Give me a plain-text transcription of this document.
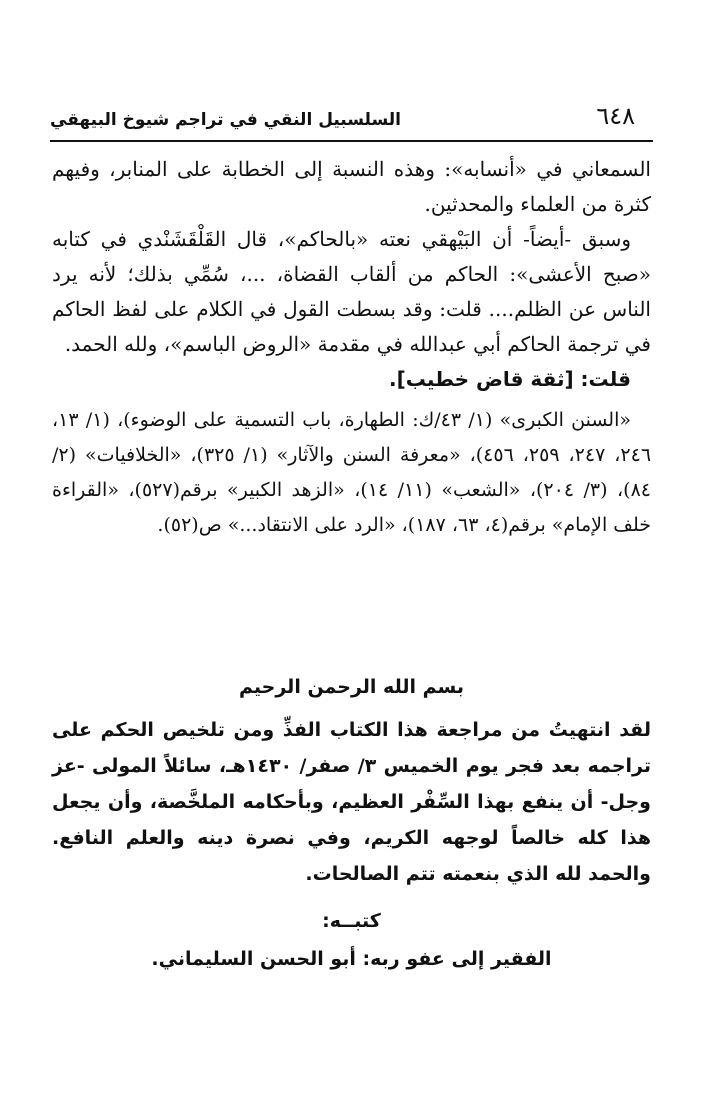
٦٤٨
السلسبيل النقي في تراجم شيوخ البيهقي

السمعاني في «أنسابه»: وهذه النسبة إلى الخطابة على المنابر، وفيهم كثرة من العلماء والمحدثين.

وسبق -أيضاً- أن البَيْهقي نعته «بالحاكم»، قال القَلْقَشَنْدي في كتابه «صبح الأعشى»: الحاكم من ألقاب القضاة، ...، سُمِّي بذلك؛ لأنه يرد الناس عن الظلم.... قلت: وقد بسطت القول في الكلام على لفظ الحاكم في ترجمة الحاكم أبي عبدالله في مقدمة «الروض الباسم»، ولله الحمد.

قلت: [ثقة قاض خطيب].

«السنن الكبرى» (١/ ٤٣/ك: الطهارة، باب التسمية على الوضوء)، (١/ ١٣، ٢٤٦، ٢٤٧، ٢٥٩، ٤٥٦)، «معرفة السنن والآثار» (١/ ٣٢٥)، «الخلافيات» (٢/ ٨٤)، (٣/ ٢٠٤)، «الشعب» (١١/ ١٤)، «الزهد الكبير» برقم(٥٢٧)، «القراءة خلف الإمام» برقم(٤، ٦٣، ١٨٧)، «الرد على الانتقاد...» ص(٥٢).

بسم الله الرحمن الرحيم

لقد انتهيتُ من مراجعة هذا الكتاب الفذِّ ومن تلخيص الحكم على تراجمه بعد فجر يوم الخميس ٣/ صفر/ ١٤٣٠هـ، سائلاً المولى -عز وجل- أن ينفع بهذا السِّفْر العظيم، وبأحكامه الملخَّصة، وأن يجعل هذا كله خالصاً لوجهه الكريم، وفي نصرة دينه والعلم النافع. والحمد لله الذي بنعمته تتم الصالحات.

كتبــه:
الفقير إلى عفو ربه: أبو الحسن السليماني.
